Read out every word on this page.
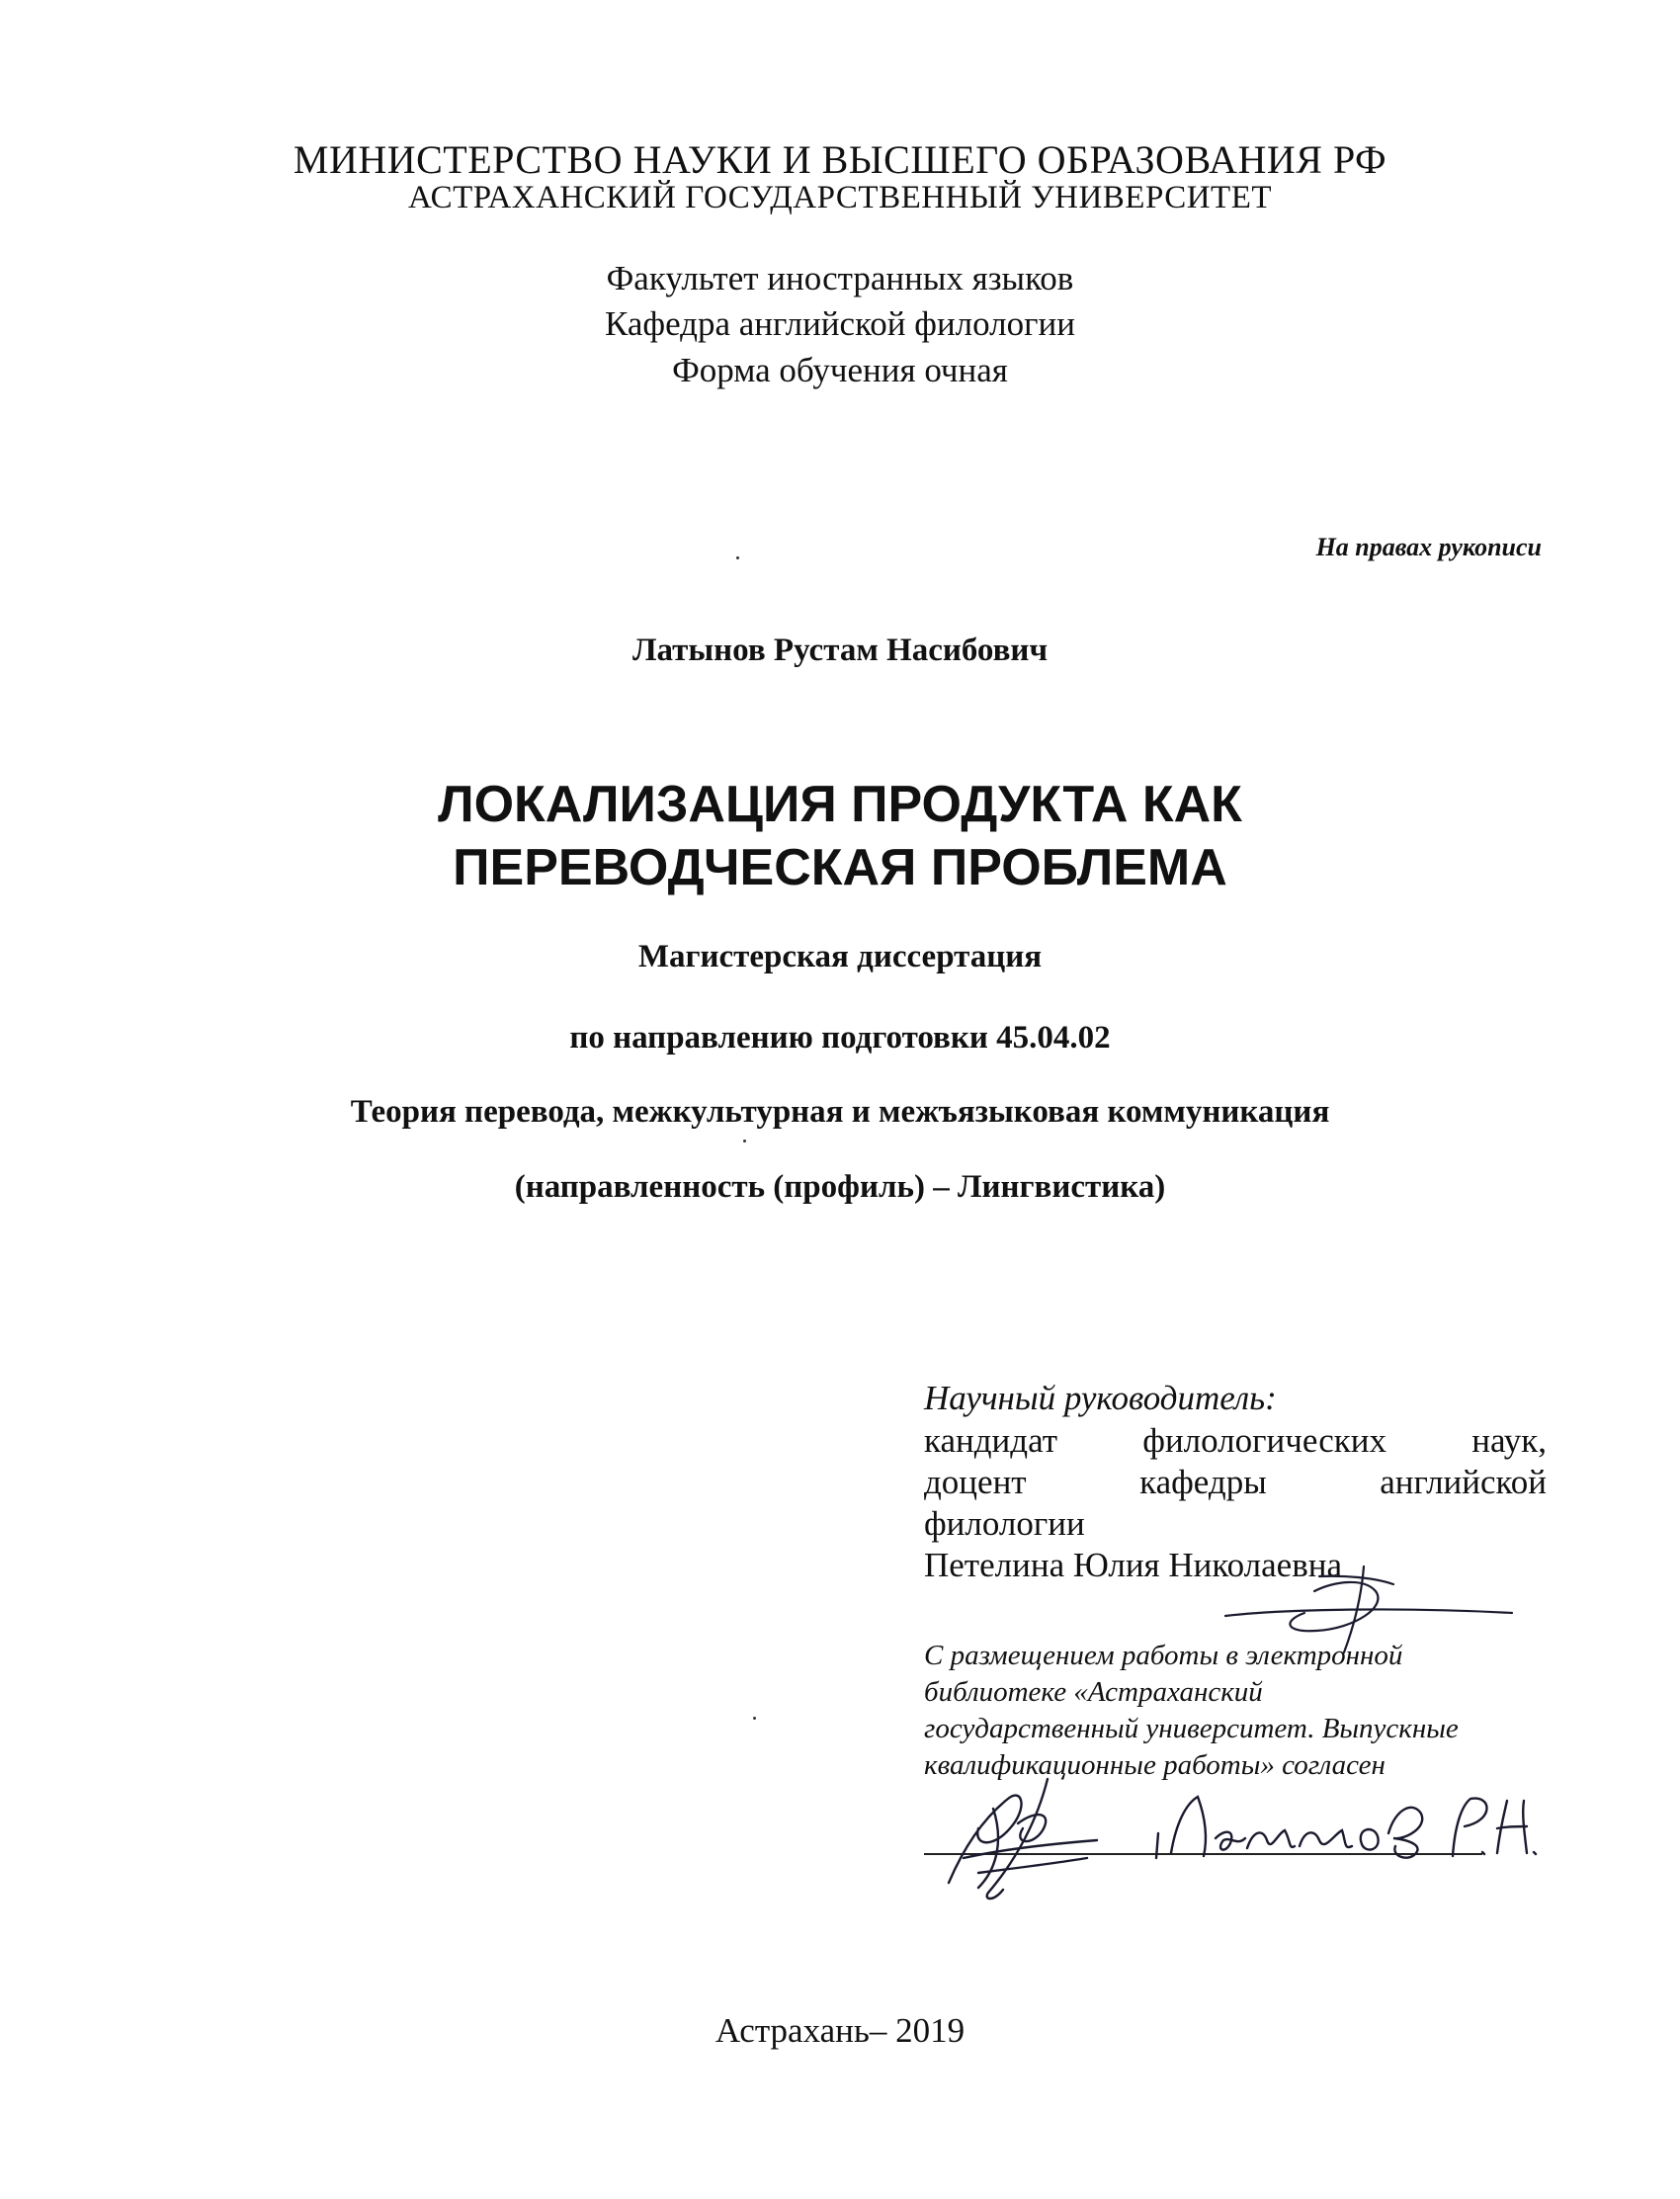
МИНИСТЕРСТВО НАУКИ И ВЫСШЕГО ОБРАЗОВАНИЯ РФ
АСТРАХАНСКИЙ ГОСУДАРСТВЕННЫЙ УНИВЕРСИТЕТ
Факультет иностранных языков
Кафедра английской филологии
Форма обучения очная
На правах рукописи
Латынов Рустам Насибович
ЛОКАЛИЗАЦИЯ ПРОДУКТА КАК
ПЕРЕВОДЧЕСКАЯ ПРОБЛЕМА
Магистерская диссертация
по направлению подготовки 45.04.02
Теория перевода, межкультурная и межъязыковая коммуникация
(направленность (профиль) – Лингвистика)
Научный руководитель:
кандидат филологических наук,
доцент кафедры английской
филологии
Петелина Юлия Николаевна
С размещением работы в электронной
библиотеке «Астраханский
государственный университет. Выпускные
квалификационные работы» согласен
Астрахань– 2019
